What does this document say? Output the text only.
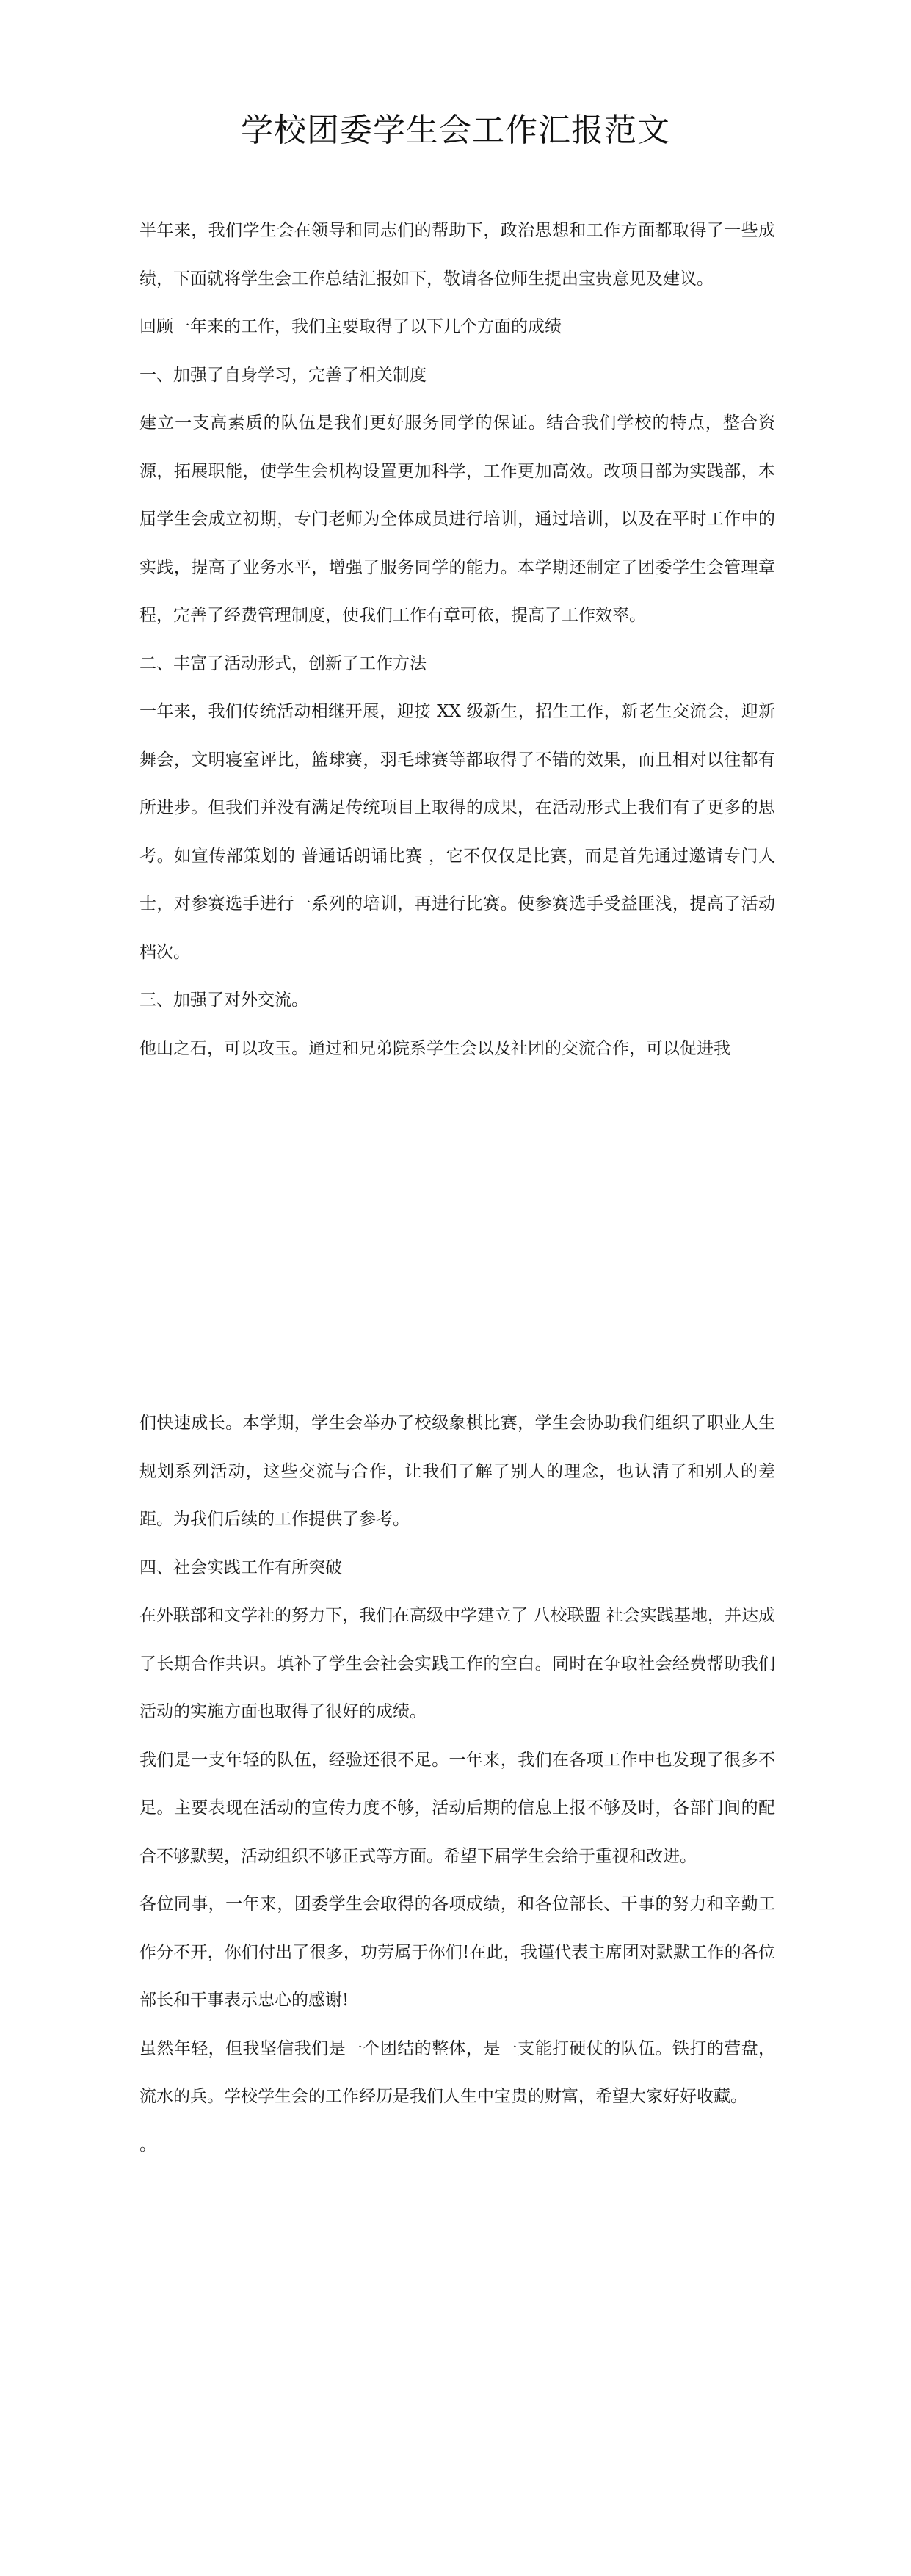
学校团委学生会工作汇报范文

半年来，我们学生会在领导和同志们的帮助下，政治思想和工作方面都取得了一些成绩，下面就将学生会工作总结汇报如下，敬请各位师生提出宝贵意见及建议。

回顾一年来的工作，我们主要取得了以下几个方面的成绩

一、加强了自身学习，完善了相关制度

建立一支高素质的队伍是我们更好服务同学的保证。结合我们学校的特点，整合资源，拓展职能，使学生会机构设置更加科学，工作更加高效。改项目部为实践部，本届学生会成立初期，专门老师为全体成员进行培训，通过培训，以及在平时工作中的实践，提高了业务水平，增强了服务同学的能力。本学期还制定了团委学生会管理章程，完善了经费管理制度，使我们工作有章可依，提高了工作效率。

二、丰富了活动形式，创新了工作方法

一年来，我们传统活动相继开展，迎接 XX 级新生，招生工作，新老生交流会，迎新舞会，文明寝室评比，篮球赛，羽毛球赛等都取得了不错的效果，而且相对以往都有所进步。但我们并没有满足传统项目上取得的成果，在活动形式上我们有了更多的思考。如宣传部策划的 普通话朗诵比赛 ，它不仅仅是比赛，而是首先通过邀请专门人士，对参赛选手进行一系列的培训，再进行比赛。使参赛选手受益匪浅，提高了活动档次。

三、加强了对外交流。

他山之石，可以攻玉。通过和兄弟院系学生会以及社团的交流合作，可以促进我

们快速成长。本学期，学生会举办了校级象棋比赛，学生会协助我们组织了职业人生规划系列活动，这些交流与合作，让我们了解了别人的理念，也认清了和别人的差距。为我们后续的工作提供了参考。

四、社会实践工作有所突破

在外联部和文学社的努力下，我们在高级中学建立了 八校联盟 社会实践基地，并达成了长期合作共识。填补了学生会社会实践工作的空白。同时在争取社会经费帮助我们活动的实施方面也取得了很好的成绩。

我们是一支年轻的队伍，经验还很不足。一年来，我们在各项工作中也发现了很多不足。主要表现在活动的宣传力度不够，活动后期的信息上报不够及时，各部门间的配合不够默契，活动组织不够正式等方面。希望下届学生会给于重视和改进。

各位同事，一年来，团委学生会取得的各项成绩，和各位部长、干事的努力和辛勤工作分不开，你们付出了很多，功劳属于你们!在此，我谨代表主席团对默默工作的各位部长和干事表示忠心的感谢!

虽然年轻，但我坚信我们是一个团结的整体，是一支能打硬仗的队伍。铁打的营盘，流水的兵。学校学生会的工作经历是我们人生中宝贵的财富，希望大家好好收藏。

。
